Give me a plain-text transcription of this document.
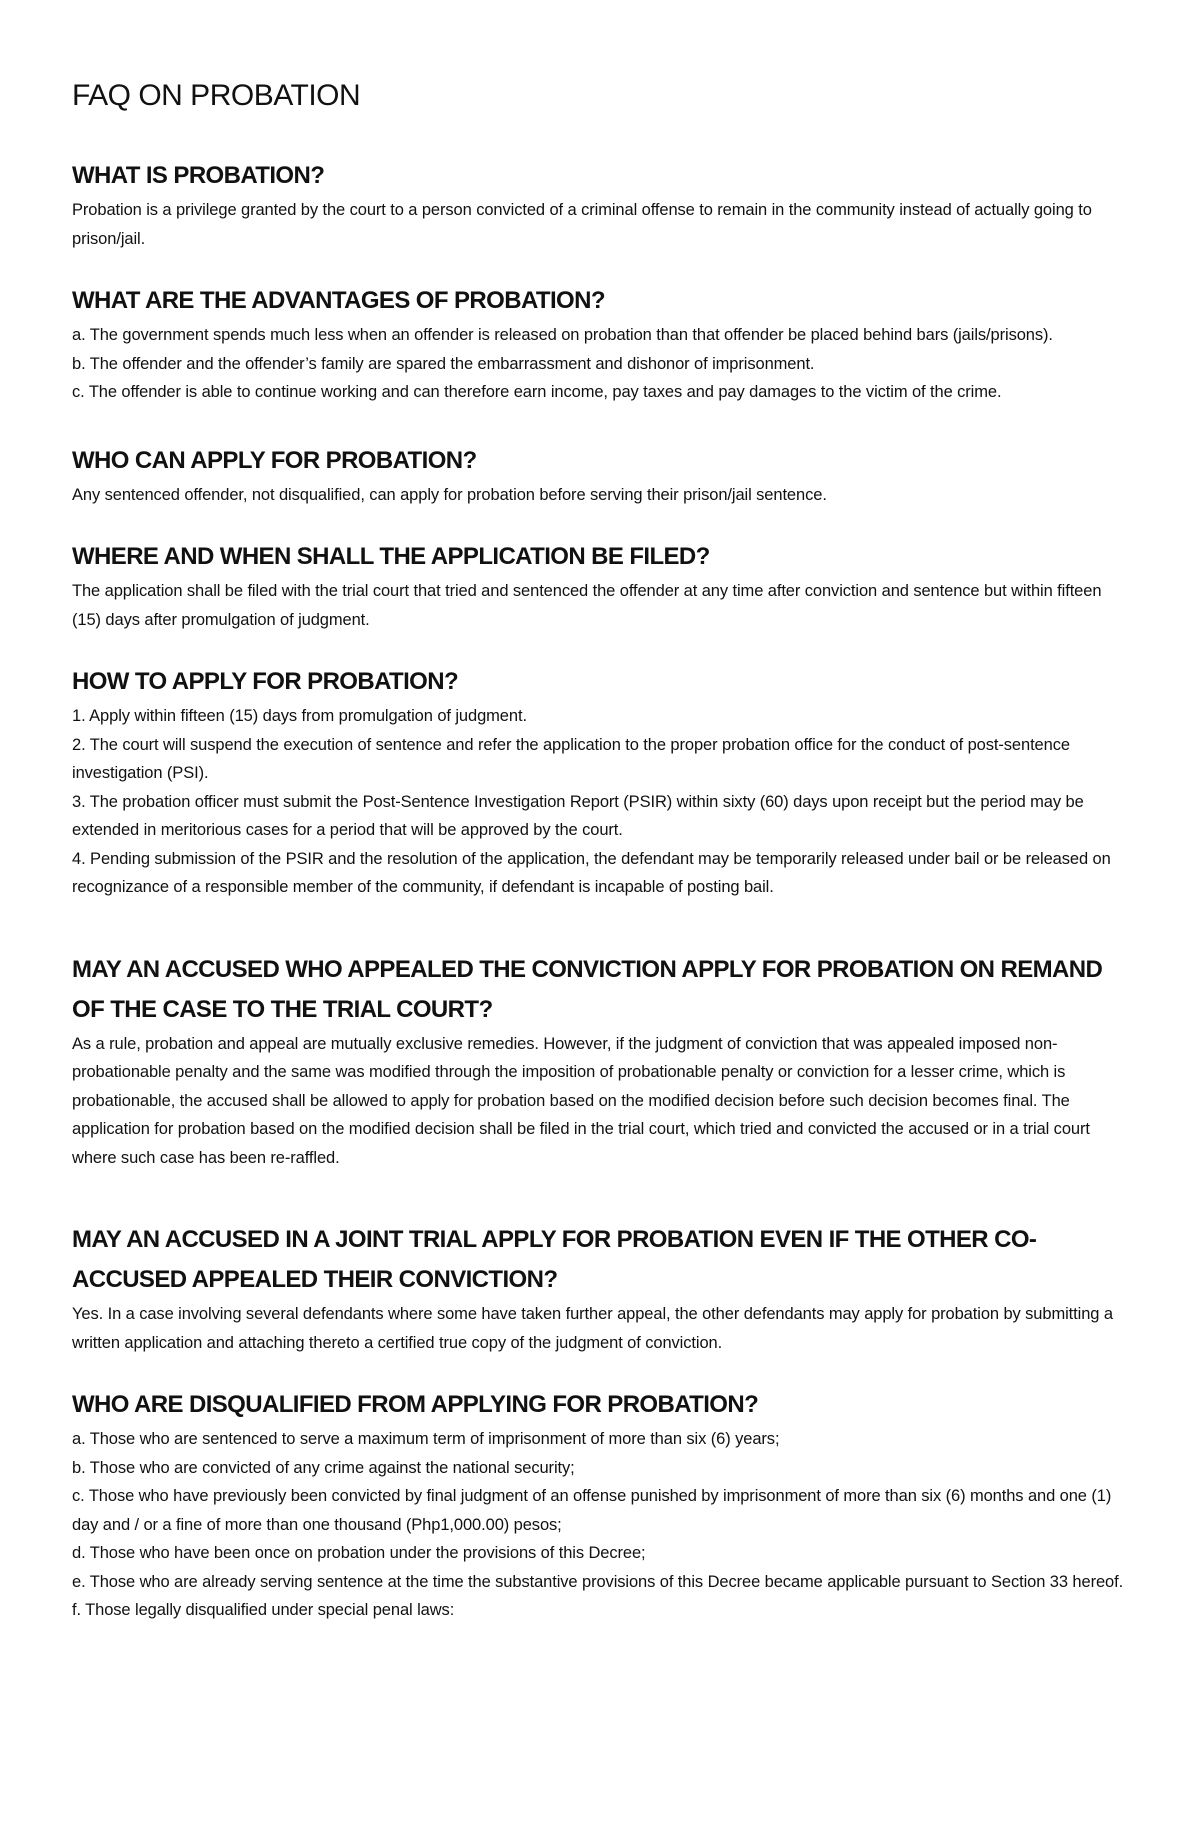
FAQ ON PROBATION
WHAT IS PROBATION?

Probation is a privilege granted by the court to a person convicted of a criminal offense to remain in the community instead of actually going to prison/jail.

WHAT ARE THE ADVANTAGES OF PROBATION?

a. The government spends much less when an offender is released on probation than that offender be placed behind bars (jails/prisons).

b. The offender and the offender’s family are spared the embarrassment and dishonor of imprisonment.

c. The offender is able to continue working and can therefore earn income, pay taxes and pay damages to the victim of the crime.

WHO CAN APPLY FOR PROBATION?

Any sentenced offender, not disqualified, can apply for probation before serving their prison/jail sentence.

WHERE AND WHEN SHALL THE APPLICATION BE FILED?

The application shall be filed with the trial court that tried and sentenced the offender at any time after conviction and sentence but within fifteen (15) days after promulgation of judgment.

HOW TO APPLY FOR PROBATION?

1. Apply within fifteen (15) days from promulgation of judgment.

2. The court will suspend the execution of sentence and refer the application to the proper probation office for the conduct of post-sentence investigation (PSI).

3. The probation officer must submit the Post-Sentence Investigation Report (PSIR) within sixty (60) days upon receipt but the period may be extended in meritorious cases for a period that will be approved by the court.

4. Pending submission of the PSIR and the resolution of the application, the defendant may be temporarily released under bail or be released on recognizance of a responsible member of the community, if defendant is incapable of posting bail.

MAY AN ACCUSED WHO APPEALED THE CONVICTION APPLY FOR PROBATION ON REMAND OF THE CASE TO THE TRIAL COURT?

As a rule, probation and appeal are mutually exclusive remedies. However, if the judgment of conviction that was appealed imposed non-probationable penalty and the same was modified through the imposition of probationable penalty or conviction for a lesser crime, which is probationable, the accused shall be allowed to apply for probation based on the modified decision before such decision becomes final. The application for probation based on the modified decision shall be filed in the trial court, which tried and convicted the accused or in a trial court where such case has been re-raffled.

MAY AN ACCUSED IN A JOINT TRIAL APPLY FOR PROBATION EVEN IF THE OTHER CO-ACCUSED APPEALED THEIR CONVICTION?

Yes. In a case involving several defendants where some have taken further appeal, the other defendants may apply for probation by submitting a written application and attaching thereto a certified true copy of the judgment of conviction.

WHO ARE DISQUALIFIED FROM APPLYING FOR PROBATION?

a. Those who are sentenced to serve a maximum term of imprisonment of more than six (6) years;

b. Those who are convicted of any crime against the national security;

c. Those who have previously been convicted by final judgment of an offense punished by imprisonment of more than six (6) months and one (1) day and / or a fine of more than one thousand (Php1,000.00) pesos;

d. Those who have been once on probation under the provisions of this Decree;

e. Those who are already serving sentence at the time the substantive provisions of this Decree became applicable pursuant to Section 33 hereof.

f. Those legally disqualified under special penal laws:
